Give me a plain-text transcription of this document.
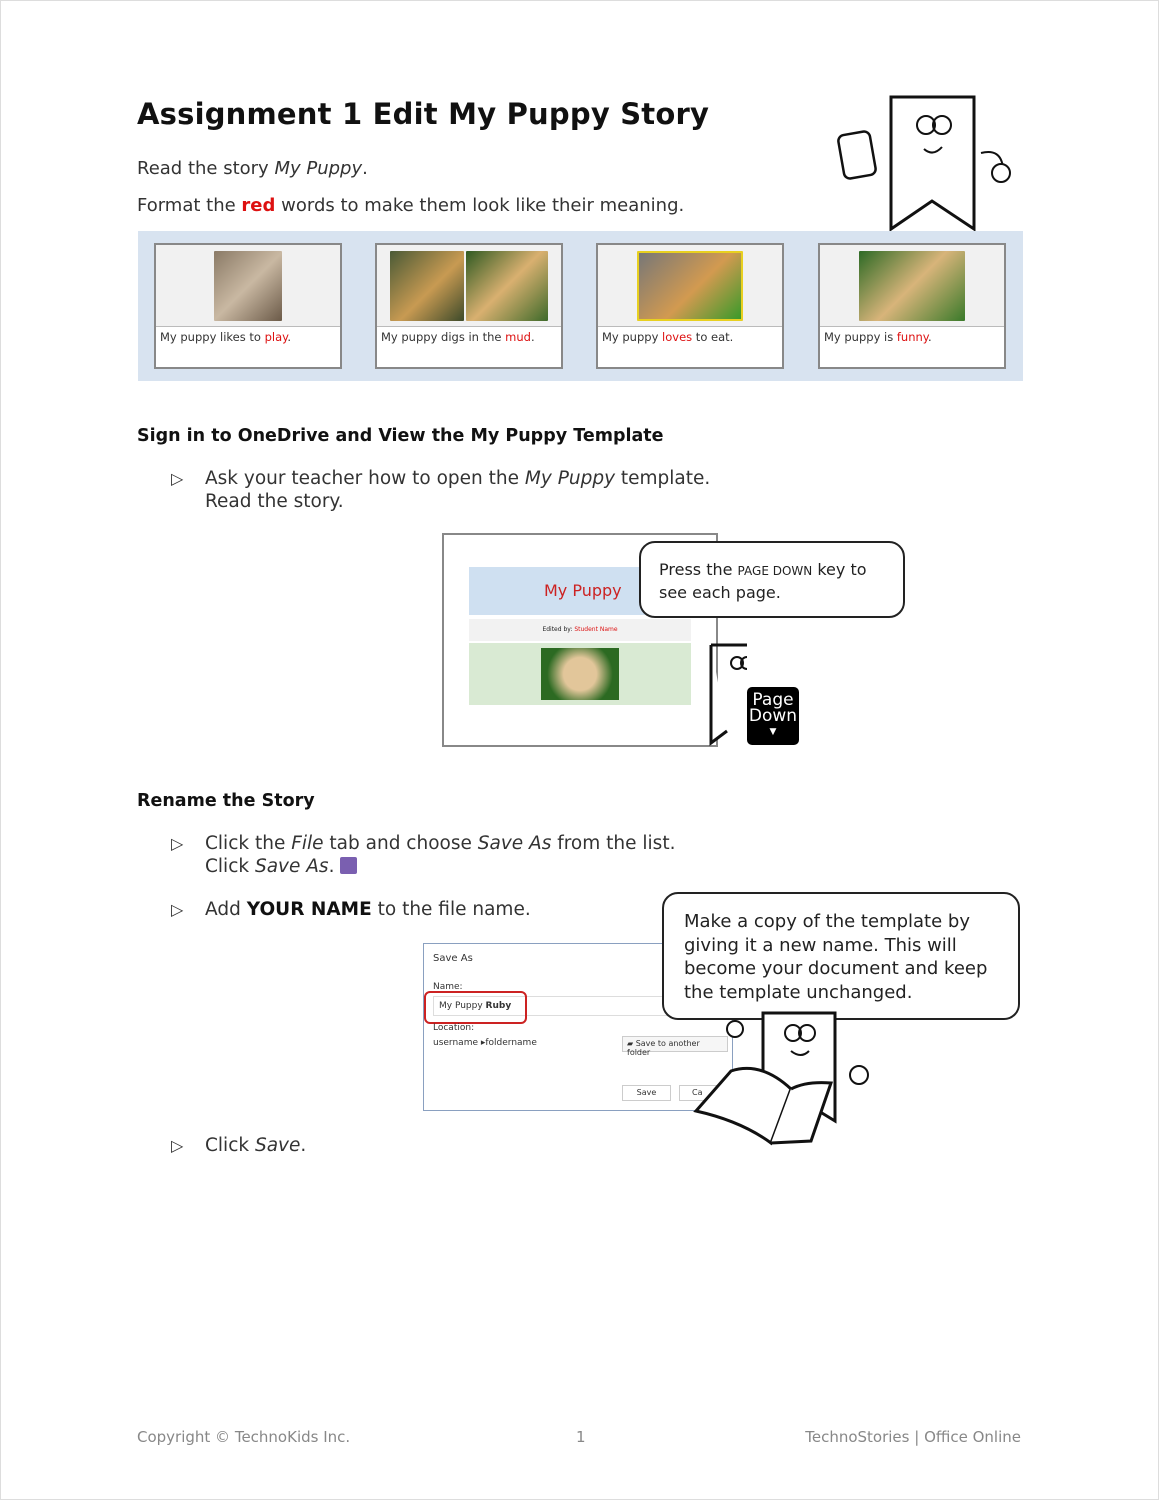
Assignment 1 Edit My Puppy Story
Read the story My Puppy.
Format the red words to make them look like their meaning.
My puppy likes to play.	My puppy digs in the mud.	My puppy loves to eat.	My puppy is funny.
Sign in to OneDrive and View the My Puppy Template
▷ Ask your teacher how to open the My Puppy template.
Read the story.
My Puppy
Edited by: Student Name
Press the PAGE DOWN key to see each page.
Page
Down
▼
Rename the Story
▷ Click the File tab and choose Save As from the list.
Click Save As.
▷ Add YOUR NAME to the file name.
Save As
Name:
My Puppy Ruby
Location:
username ▸foldername	▰ Save to another folder
Save	Ca
Make a copy of the template by giving it a new name. This will become your document and keep the template unchanged.
▷ Click Save.
Copyright © TechnoKids Inc.	1	TechnoStories | Office Online
